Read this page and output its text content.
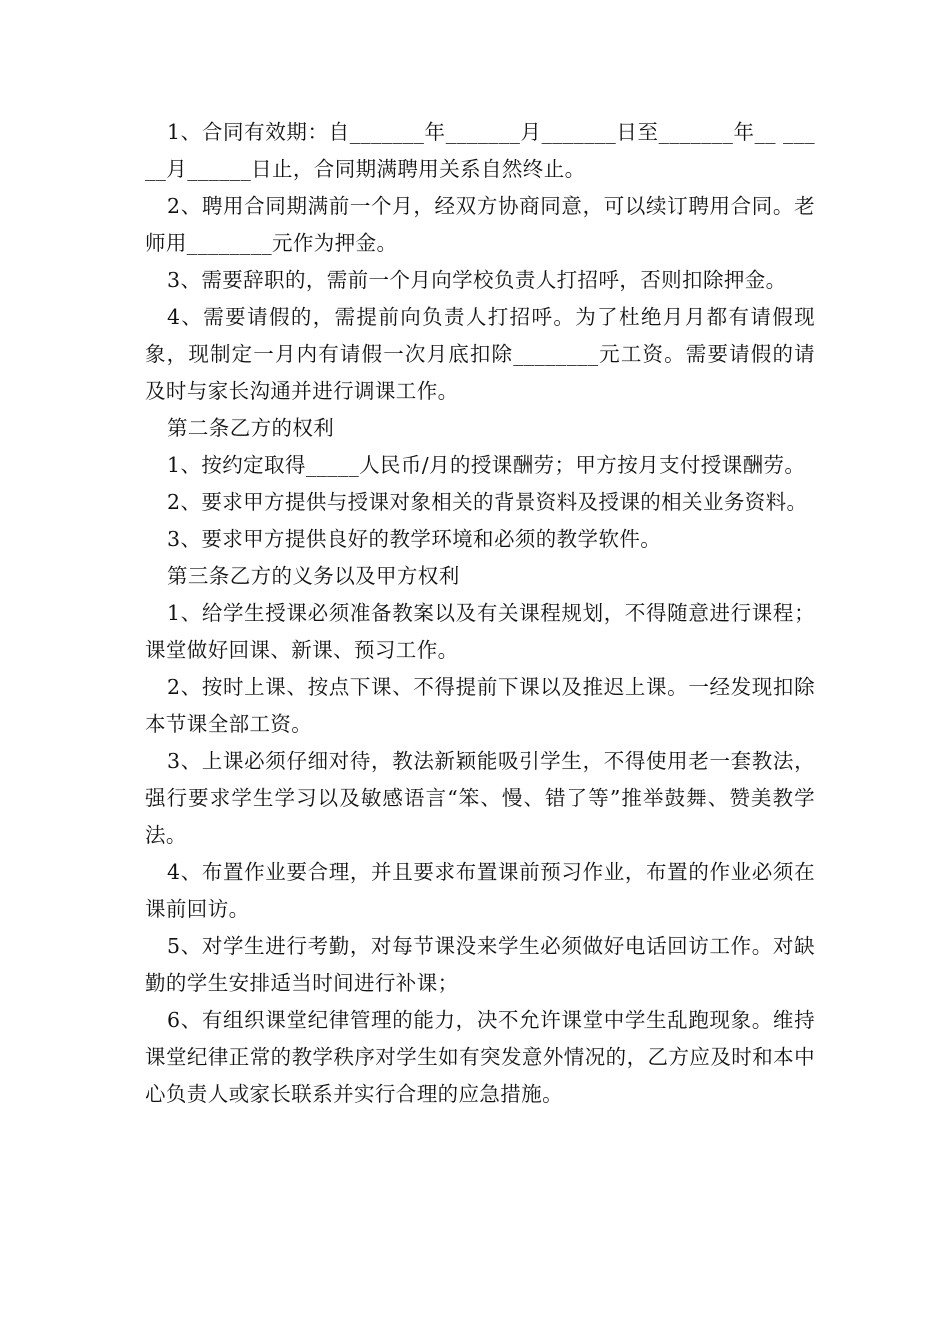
1、合同有效期：自_______年_______月_______日至_______年__ _____月______日止，合同期满聘用关系自然终止。

2、聘用合同期满前一个月，经双方协商同意，可以续订聘用合同。老师用________元作为押金。

3、需要辞职的，需前一个月向学校负责人打招呼，否则扣除押金。

4、需要请假的，需提前向负责人打招呼。为了杜绝月月都有请假现象，现制定一月内有请假一次月底扣除________元工资。需要请假的请及时与家长沟通并进行调课工作。

第二条乙方的权利

1、按约定取得_____人民币/月的授课酬劳；甲方按月支付授课酬劳。

2、要求甲方提供与授课对象相关的背景资料及授课的相关业务资料。

3、要求甲方提供良好的教学环境和必须的教学软件。

第三条乙方的义务以及甲方权利

1、给学生授课必须准备教案以及有关课程规划，不得随意进行课程；课堂做好回课、新课、预习工作。

2、按时上课、按点下课、不得提前下课以及推迟上课。一经发现扣除本节课全部工资。

3、上课必须仔细对待，教法新颖能吸引学生，不得使用老一套教法，强行要求学生学习以及敏感语言“笨、慢、错了等”推举鼓舞、赞美教学法。

4、布置作业要合理，并且要求布置课前预习作业，布置的作业必须在课前回访。

5、对学生进行考勤，对每节课没来学生必须做好电话回访工作。对缺勤的学生安排适当时间进行补课；

6、有组织课堂纪律管理的能力，决不允许课堂中学生乱跑现象。维持课堂纪律正常的教学秩序对学生如有突发意外情况的，乙方应及时和本中心负责人或家长联系并实行合理的应急措施。
